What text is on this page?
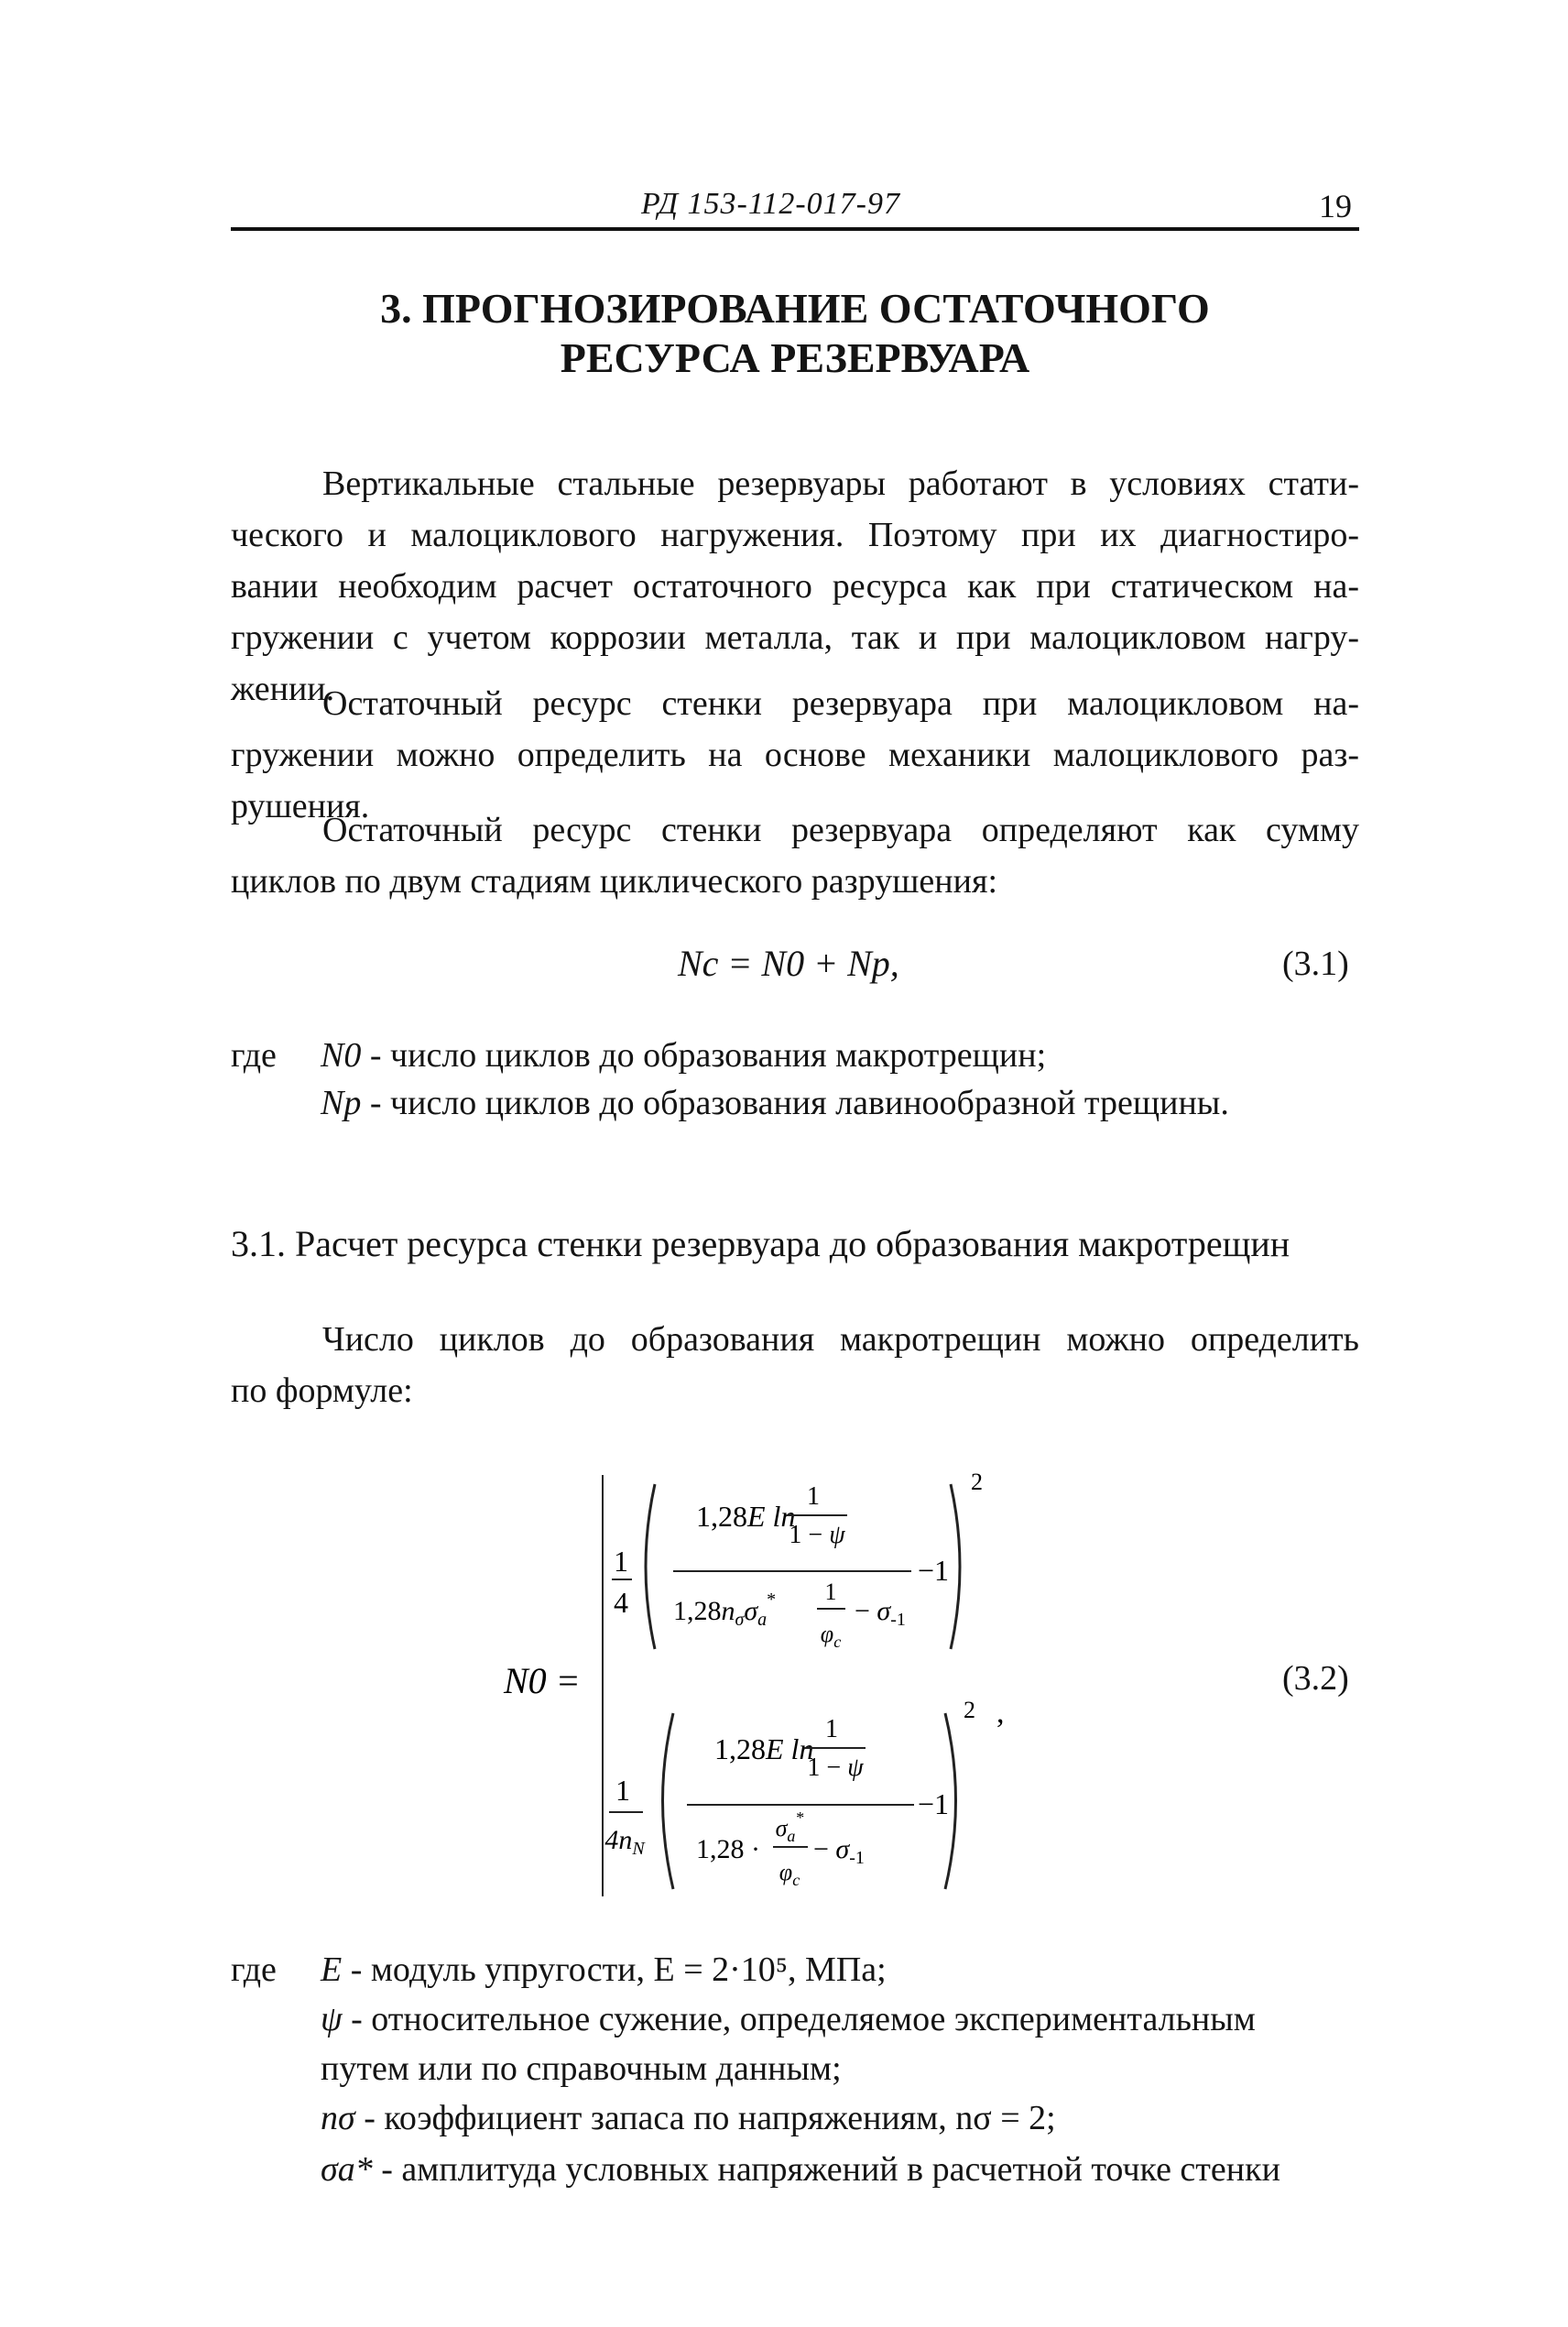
РД 153-112-017-97	19
3. ПРОГНОЗИРОВАНИЕ ОСТАТОЧНОГО
РЕСУРСА РЕЗЕРВУАРА
Вертикальные стальные резервуары работают в условиях стати-
ческого и малоциклового нагружения. Поэтому при их диагностиро-
вании необходим расчет остаточного ресурса как при статическом на-
гружении с учетом коррозии металла, так и при малоцикловом нагру-
жении.
Остаточный ресурс стенки резервуара при малоцикловом на-
гружении можно определить на основе механики малоциклового раз-
рушения.
Остаточный ресурс стенки резервуара определяют как сумму
циклов по двум стадиям циклического разрушения:
Nс = N0 + Nр,	(3.1)
где N0 - число циклов до образования макротрещин;
Nр - число циклов до образования лавинообразной трещины.
3.1. Расчет ресурса стенки резервуара до образования макротрещин
Число циклов до образования макротрещин можно определить
по формуле:
N0 =
1
4
1,28E ln
1
1 − ψ
−1
$1,28n_\sigma\sigma_a^*$ 1
$\varphi_c$
− $\sigma_{-1}$
2
1
$4n_N$
1,28E ln
1
1 − ψ
−1
1,28 ·
$\sigma_a^*$
$\varphi_c$
− $\sigma_{-1}$
2 ,
(3.2)
где E - модуль упругости, E = 2·10⁵, МПа;
ψ - относительное сужение, определяемое экспериментальным
путем или по справочным данным;
nσ - коэффициент запаса по напряжениям, nσ = 2;
σa* - амплитуда условных напряжений в расчетной точке стенки
